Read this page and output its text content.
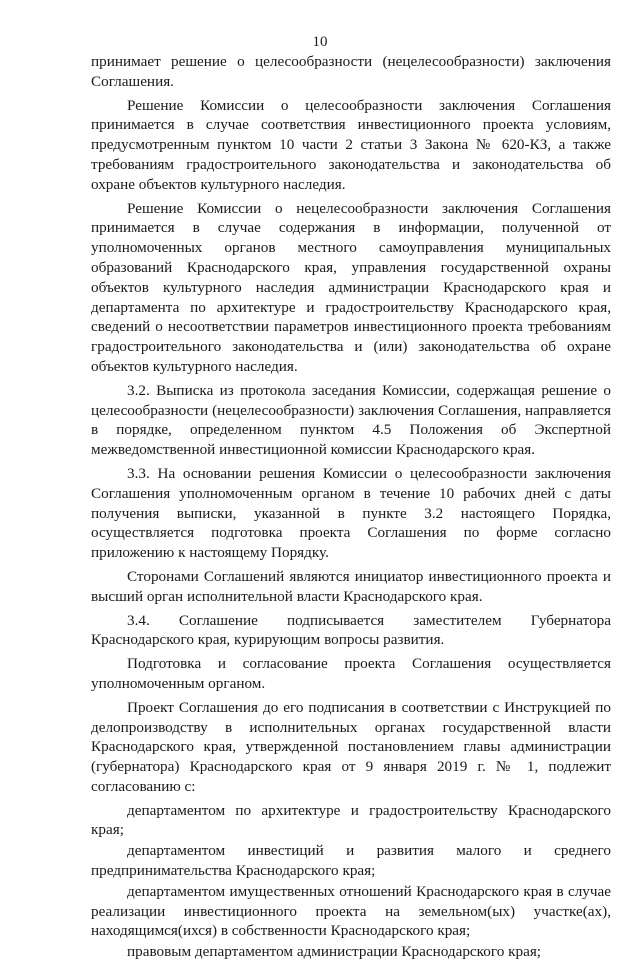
10

принимает решение о целесообразности (нецелесообразности) заключения Соглашения.

Решение Комиссии о целесообразности заключения Соглашения принимается в случае соответствия инвестиционного проекта условиям, предусмотренным пунктом 10 части 2 статьи 3 Закона № 620-КЗ, а также требованиям градостроительного законодательства и законодательства об охране объектов культурного наследия.

Решение Комиссии о нецелесообразности заключения Соглашения принимается в случае содержания в информации, полученной от уполномоченных органов местного самоуправления муниципальных образований Краснодарского края, управления государственной охраны объектов культурного наследия администрации Краснодарского края и департамента по архитектуре и градостроительству Краснодарского края, сведений о несоответствии параметров инвестиционного проекта требованиям градостроительного законодательства и (или) законодательства об охране объектов культурного наследия.

3.2. Выписка из протокола заседания Комиссии, содержащая решение о целесообразности (нецелесообразности) заключения Соглашения, направляется в порядке, определенном пунктом 4.5 Положения об Экспертной межведомственной инвестиционной комиссии Краснодарского края.

3.3. На основании решения Комиссии о целесообразности заключения Соглашения уполномоченным органом в течение 10 рабочих дней с даты получения выписки, указанной в пункте 3.2 настоящего Порядка, осуществляется подготовка проекта Соглашения по форме согласно приложению к настоящему Порядку.

Сторонами Соглашений являются инициатор инвестиционного проекта и высший орган исполнительной власти Краснодарского края.

3.4. Соглашение подписывается заместителем Губернатора Краснодарского края, курирующим вопросы развития.

Подготовка и согласование проекта Соглашения осуществляется уполномоченным органом.

Проект Соглашения до его подписания в соответствии с Инструкцией по делопроизводству в исполнительных органах государственной власти Краснодарского края, утвержденной постановлением главы администрации (губернатора) Краснодарского края от 9 января 2019 г. № 1, подлежит согласованию с:

департаментом по архитектуре и градостроительству Краснодарского края;

департаментом инвестиций и развития малого и среднего предпринимательства Краснодарского края;

департаментом имущественных отношений Краснодарского края в случае реализации инвестиционного проекта на земельном(ых) участке(ах), находящимся(ихся) в собственности Краснодарского края;

правовым департаментом администрации Краснодарского края;
